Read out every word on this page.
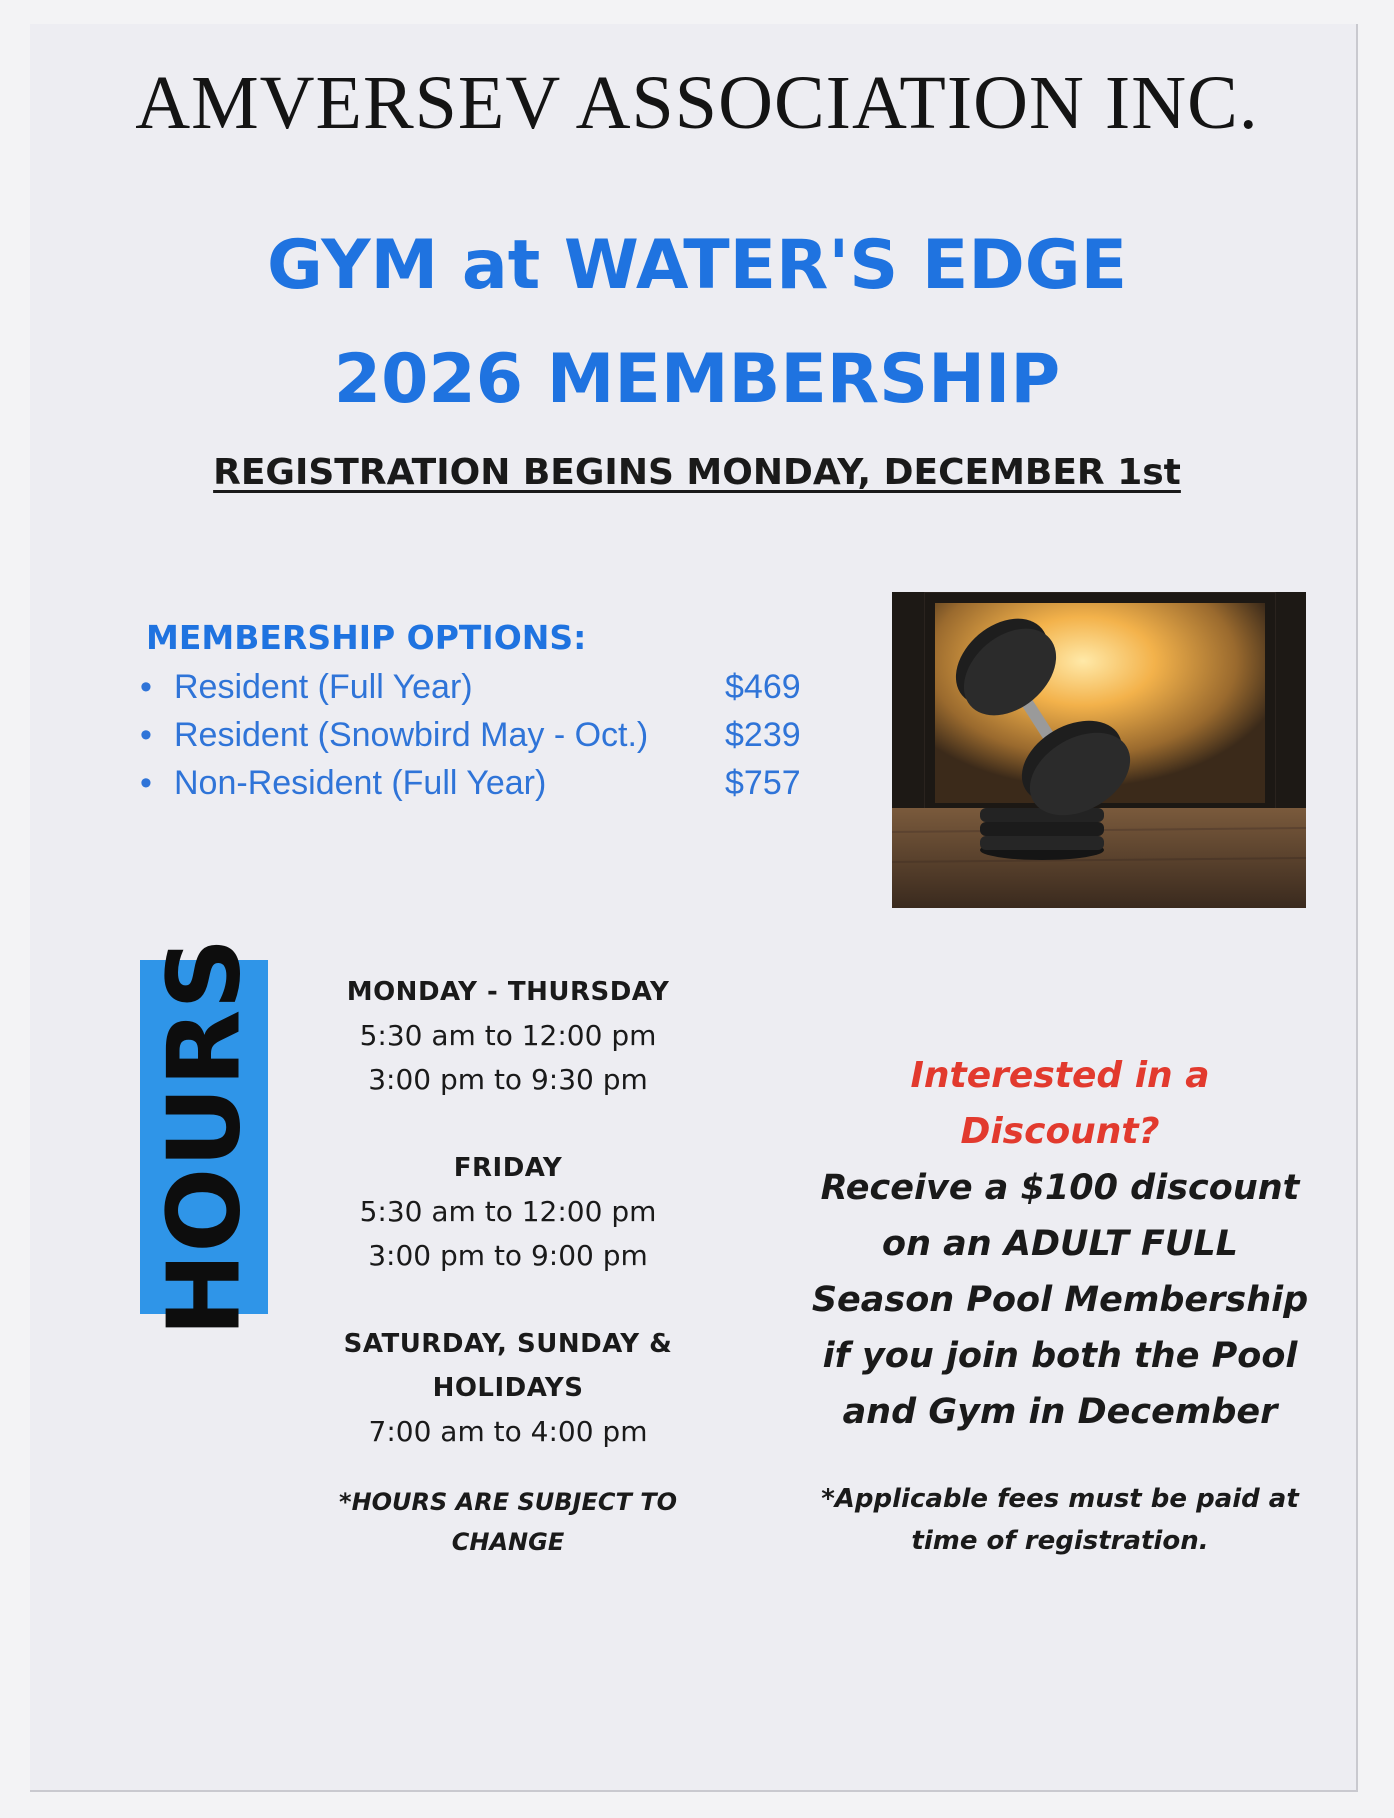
AMVERSEV ASSOCIATION INC.
GYM at WATER'S EDGE
2026 MEMBERSHIP
REGISTRATION BEGINS MONDAY, DECEMBER 1st
MEMBERSHIP OPTIONS:
• Resident (Full Year)	$469
• Resident (Snowbird May - Oct.) $239
• Non-Resident (Full Year)	$757
HOURS	MONDAY - THURSDAY
5:30 am to 12:00 pm
3:00 pm to 9:30 pm
FRIDAY
5:30 am to 12:00 pm
3:00 pm to 9:00 pm
SATURDAY, SUNDAY &
HOLIDAYS
7:00 am to 4:00 pm
*HOURS ARE SUBJECT TO
CHANGE
Interested in a
Discount?
Receive a $100 discount
on an ADULT FULL
Season Pool Membership
if you join both the Pool
and Gym in December
*Applicable fees must be paid at
time of registration.
